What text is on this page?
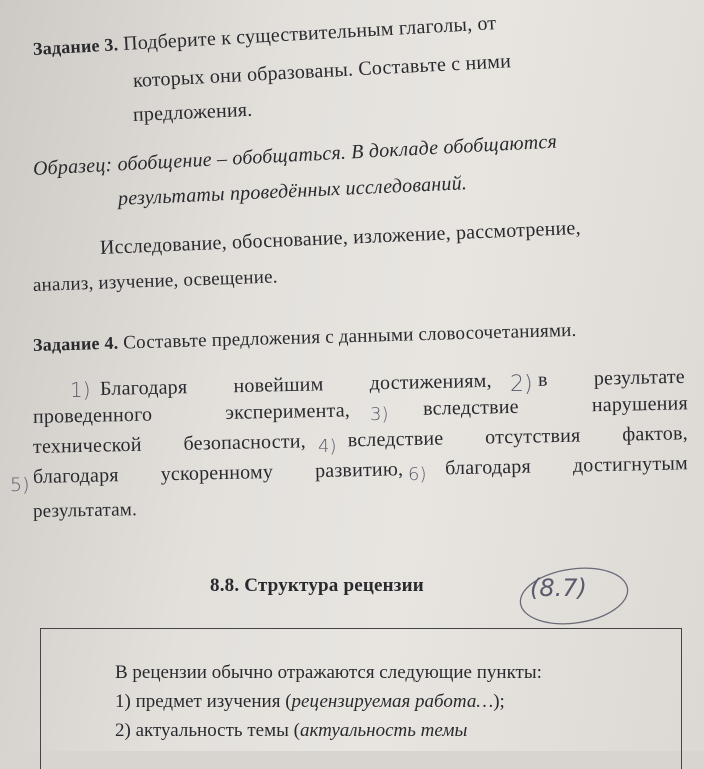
Задание 3. Подберите к существительным глаголы, от
которых они образованы. Составьте с ними
предложения.
Образец: обобщение – обобщаться. В докладе обобщаются
результаты проведённых исследований.
Исследование, обоснование, изложение, рассмотрение,
анализ, изучение, освещение.
Задание 4. Составьте предложения с данными словосочетаниями.
Благодаря новейшим достижениям, в результате
проведенного	эксперимента,	вследствие	нарушения
технической безопасности, вследствие отсутствия фактов,
благодаря ускоренному развитию, благодаря достигнутым
результатам.
1)	2)
3)
4)
5)	6)
8.8. Структура рецензии	(8.7)
В рецензии обычно отражаются следующие пункты:
1) предмет изучения (рецензируемая работа…);
2) актуальность темы (актуальность темы
